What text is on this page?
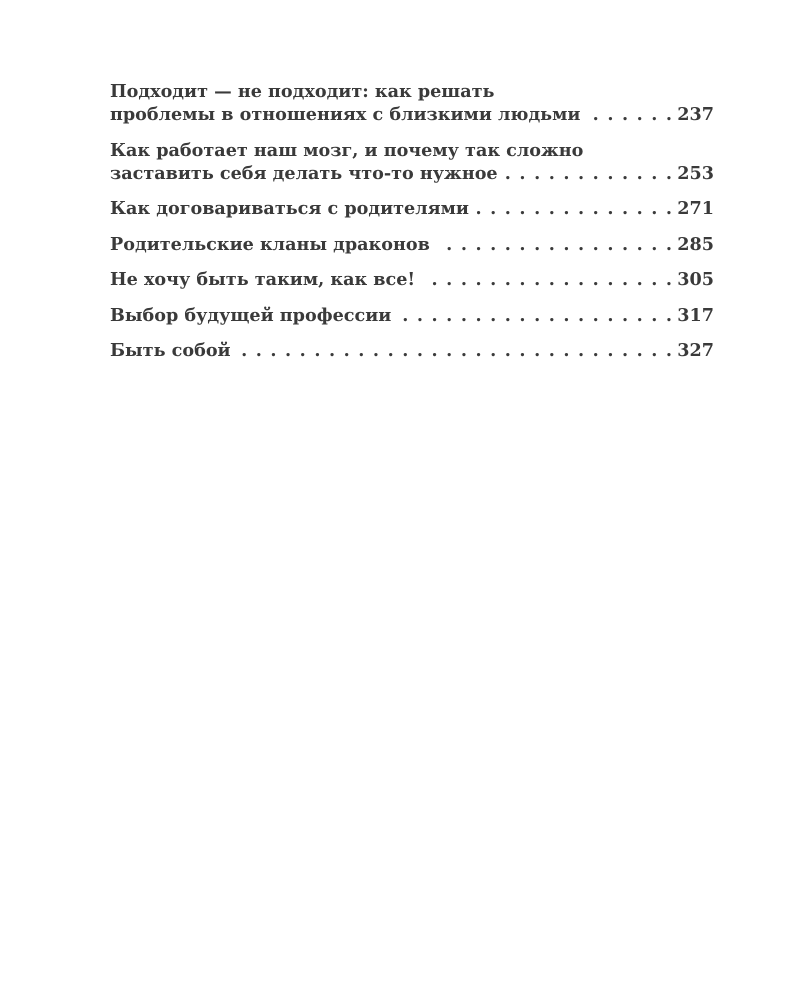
Подходит — не подходит: как решать
проблемы в отношениях с близкими людьми . . .	237
Как работает наш мозг, и почему так сложно
заставить себя делать что-то нужное . . .	253
Как договариваться с родителями . . .	271
Родительские кланы драконов . . .	285
Не хочу быть таким, как все! . . .	305
Выбор будущей профессии . . .	317
Быть собой . . .	327
